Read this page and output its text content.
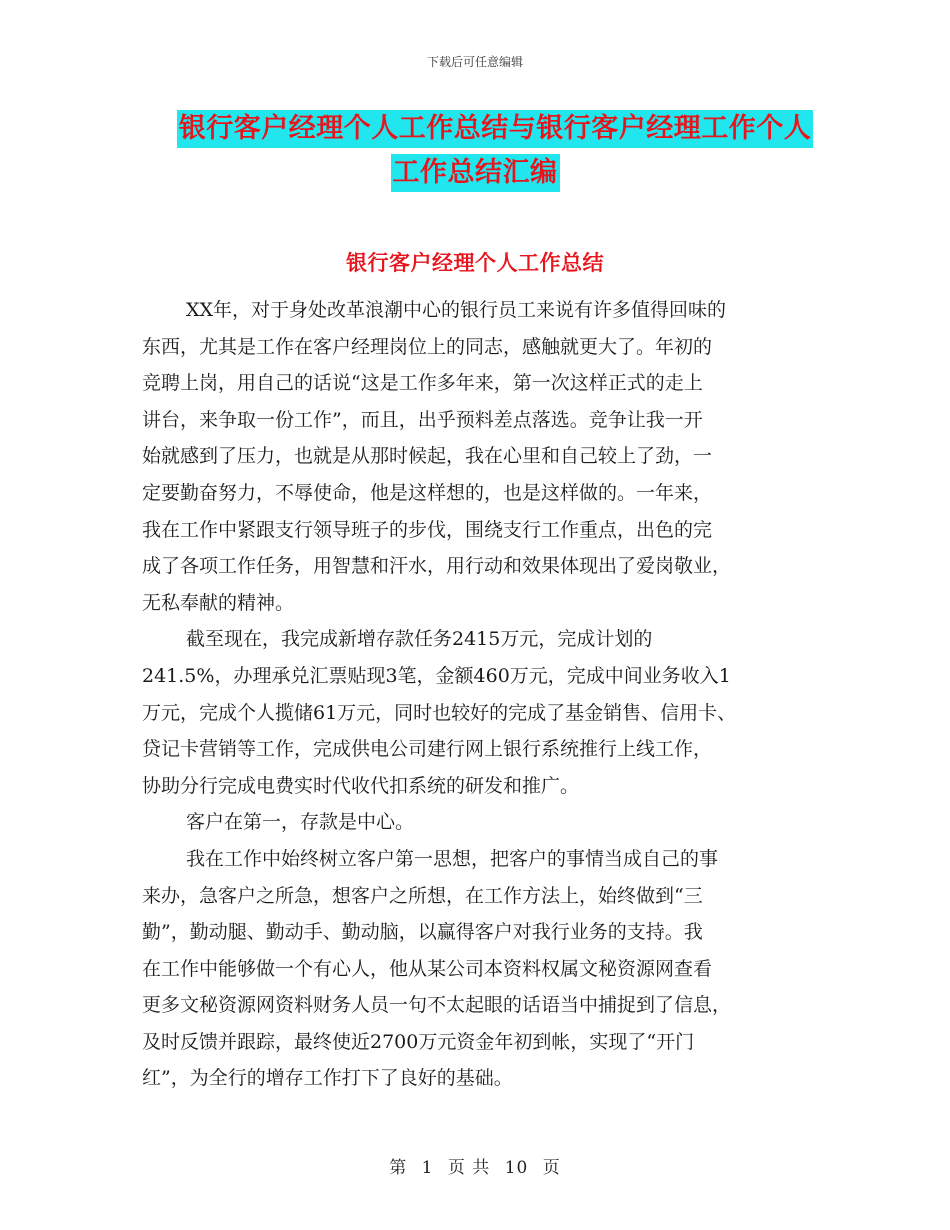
下载后可任意编辑
银行客户经理个人工作总结与银行客户经理工作个人
工作总结汇编
银行客户经理个人工作总结
XX年，对于身处改革浪潮中心的银行员工来说有许多值得回味的
东西，尤其是工作在客户经理岗位上的同志，感触就更大了。年初的
竞聘上岗，用自己的话说“这是工作多年来，第一次这样正式的走上
讲台，来争取一份工作”，而且，出乎预料差点落选。竞争让我一开
始就感到了压力，也就是从那时候起，我在心里和自己较上了劲，一
定要勤奋努力，不辱使命，他是这样想的，也是这样做的。一年来，
我在工作中紧跟支行领导班子的步伐，围绕支行工作重点，出色的完
成了各项工作任务，用智慧和汗水，用行动和效果体现出了爱岗敬业，
无私奉献的精神。
截至现在，我完成新增存款任务2415万元，完成计划的
241.5%，办理承兑汇票贴现3笔，金额460万元，完成中间业务收入1
万元，完成个人揽储61万元，同时也较好的完成了基金销售、信用卡、
贷记卡营销等工作，完成供电公司建行网上银行系统推行上线工作，
协助分行完成电费实时代收代扣系统的研发和推广。
客户在第一，存款是中心。
我在工作中始终树立客户第一思想，把客户的事情当成自己的事
来办，急客户之所急，想客户之所想，在工作方法上，始终做到“三
勤”，勤动腿、勤动手、勤动脑，以赢得客户对我行业务的支持。我
在工作中能够做一个有心人，他从某公司本资料权属文秘资源网查看
更多文秘资源网资料财务人员一句不太起眼的话语当中捕捉到了信息，
及时反馈并跟踪，最终使近2700万元资金年初到帐，实现了“开门
红”，为全行的增存工作打下了良好的基础。
第 1 页 共 10 页
